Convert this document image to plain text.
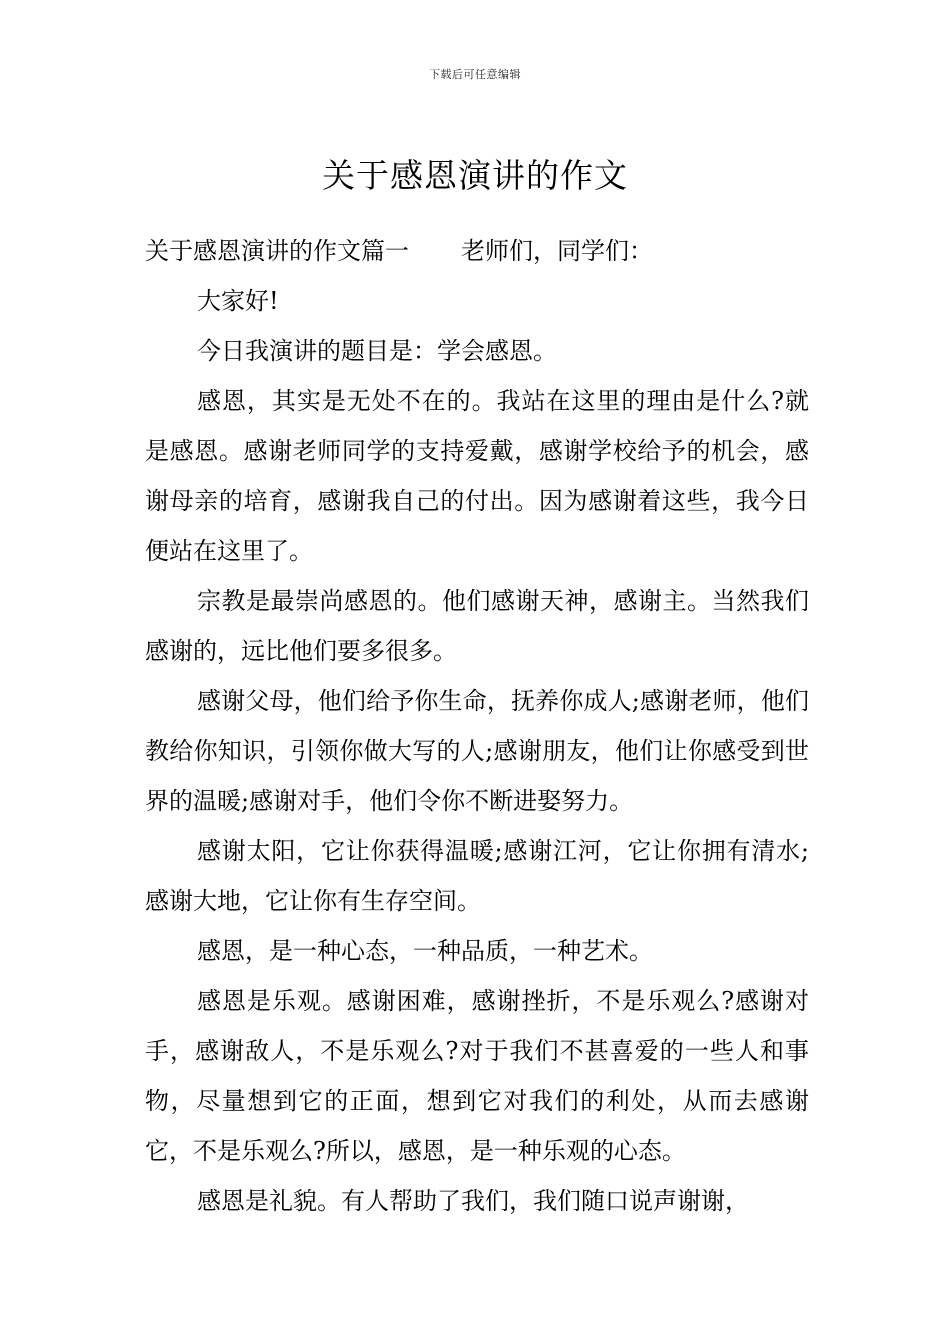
下载后可任意编辑
关于感恩演讲的作文

关于感恩演讲的作文篇一 老师们，同学们：

大家好!

今日我演讲的题目是：学会感恩。

感恩，其实是无处不在的。我站在这里的理由是什么?就是感恩。感谢老师同学的支持爱戴，感谢学校给予的机会，感谢母亲的培育，感谢我自己的付出。因为感谢着这些，我今日便站在这里了。

宗教是最崇尚感恩的。他们感谢天神，感谢主。当然我们感谢的，远比他们要多很多。

感谢父母，他们给予你生命，抚养你成人;感谢老师，他们教给你知识，引领你做大写的人;感谢朋友，他们让你感受到世界的温暖;感谢对手，他们令你不断进娶努力。

感谢太阳，它让你获得温暖;感谢江河，它让你拥有清水;感谢大地，它让你有生存空间。

感恩，是一种心态，一种品质，一种艺术。

感恩是乐观。感谢困难，感谢挫折，不是乐观么?感谢对手，感谢敌人，不是乐观么?对于我们不甚喜爱的一些人和事物，尽量想到它的正面，想到它对我们的利处，从而去感谢它，不是乐观么?所以，感恩，是一种乐观的心态。

感恩是礼貌。有人帮助了我们，我们随口说声谢谢，
